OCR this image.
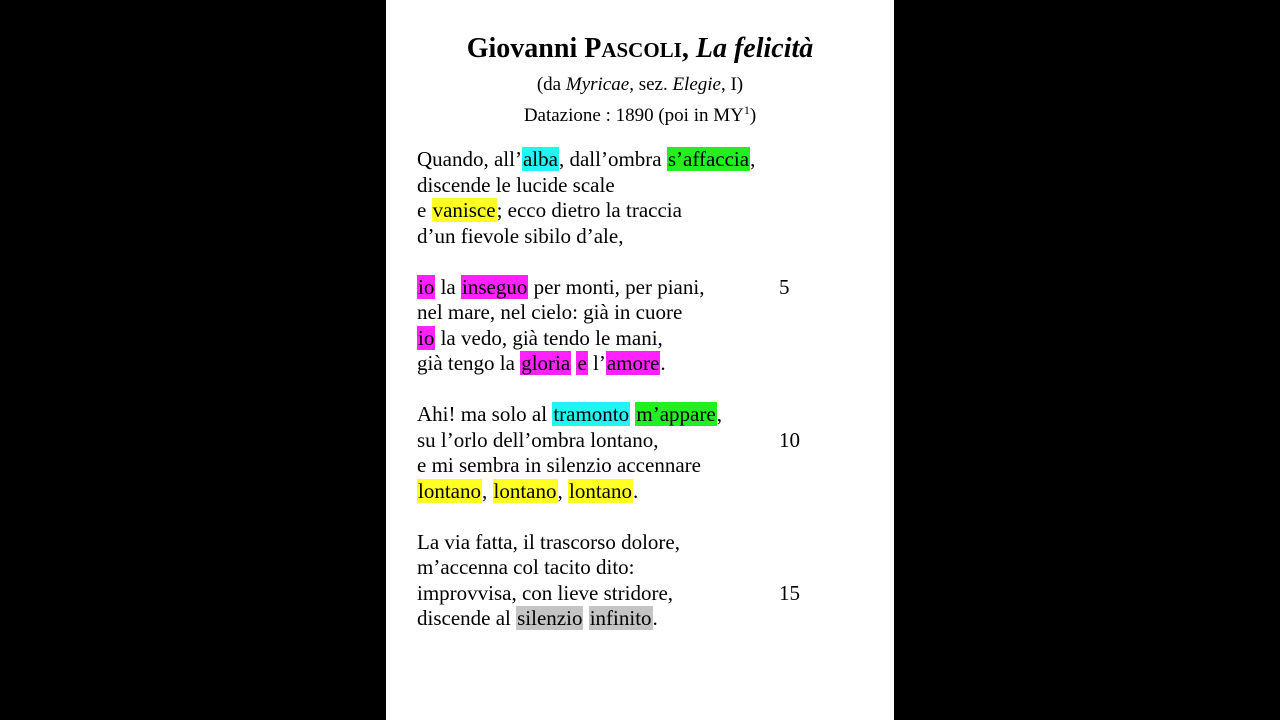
Giovanni PASCOLI, La felicità
(da Myricae, sez. Elegie, I)
Datazione : 1890 (poi in $MY^1$)
Quando, all’alba, dall’ombra s’affaccia,
discende le lucide scale
e vanisce; ecco dietro la traccia
d’un fievole sibilo d’ale,
io la inseguo per monti, per piani,	5
nel mare, nel cielo: già in cuore
io la vedo, già tendo le mani,
già tengo la gloria e l’amore.
Ahi! ma solo al tramonto m’appare,
su l’orlo dell’ombra lontano,	10
e mi sembra in silenzio accennare
lontano, lontano, lontano.
La via fatta, il trascorso dolore,
m’accenna col tacito dito:
improvvisa, con lieve stridore,	15
discende al silenzio infinito.
